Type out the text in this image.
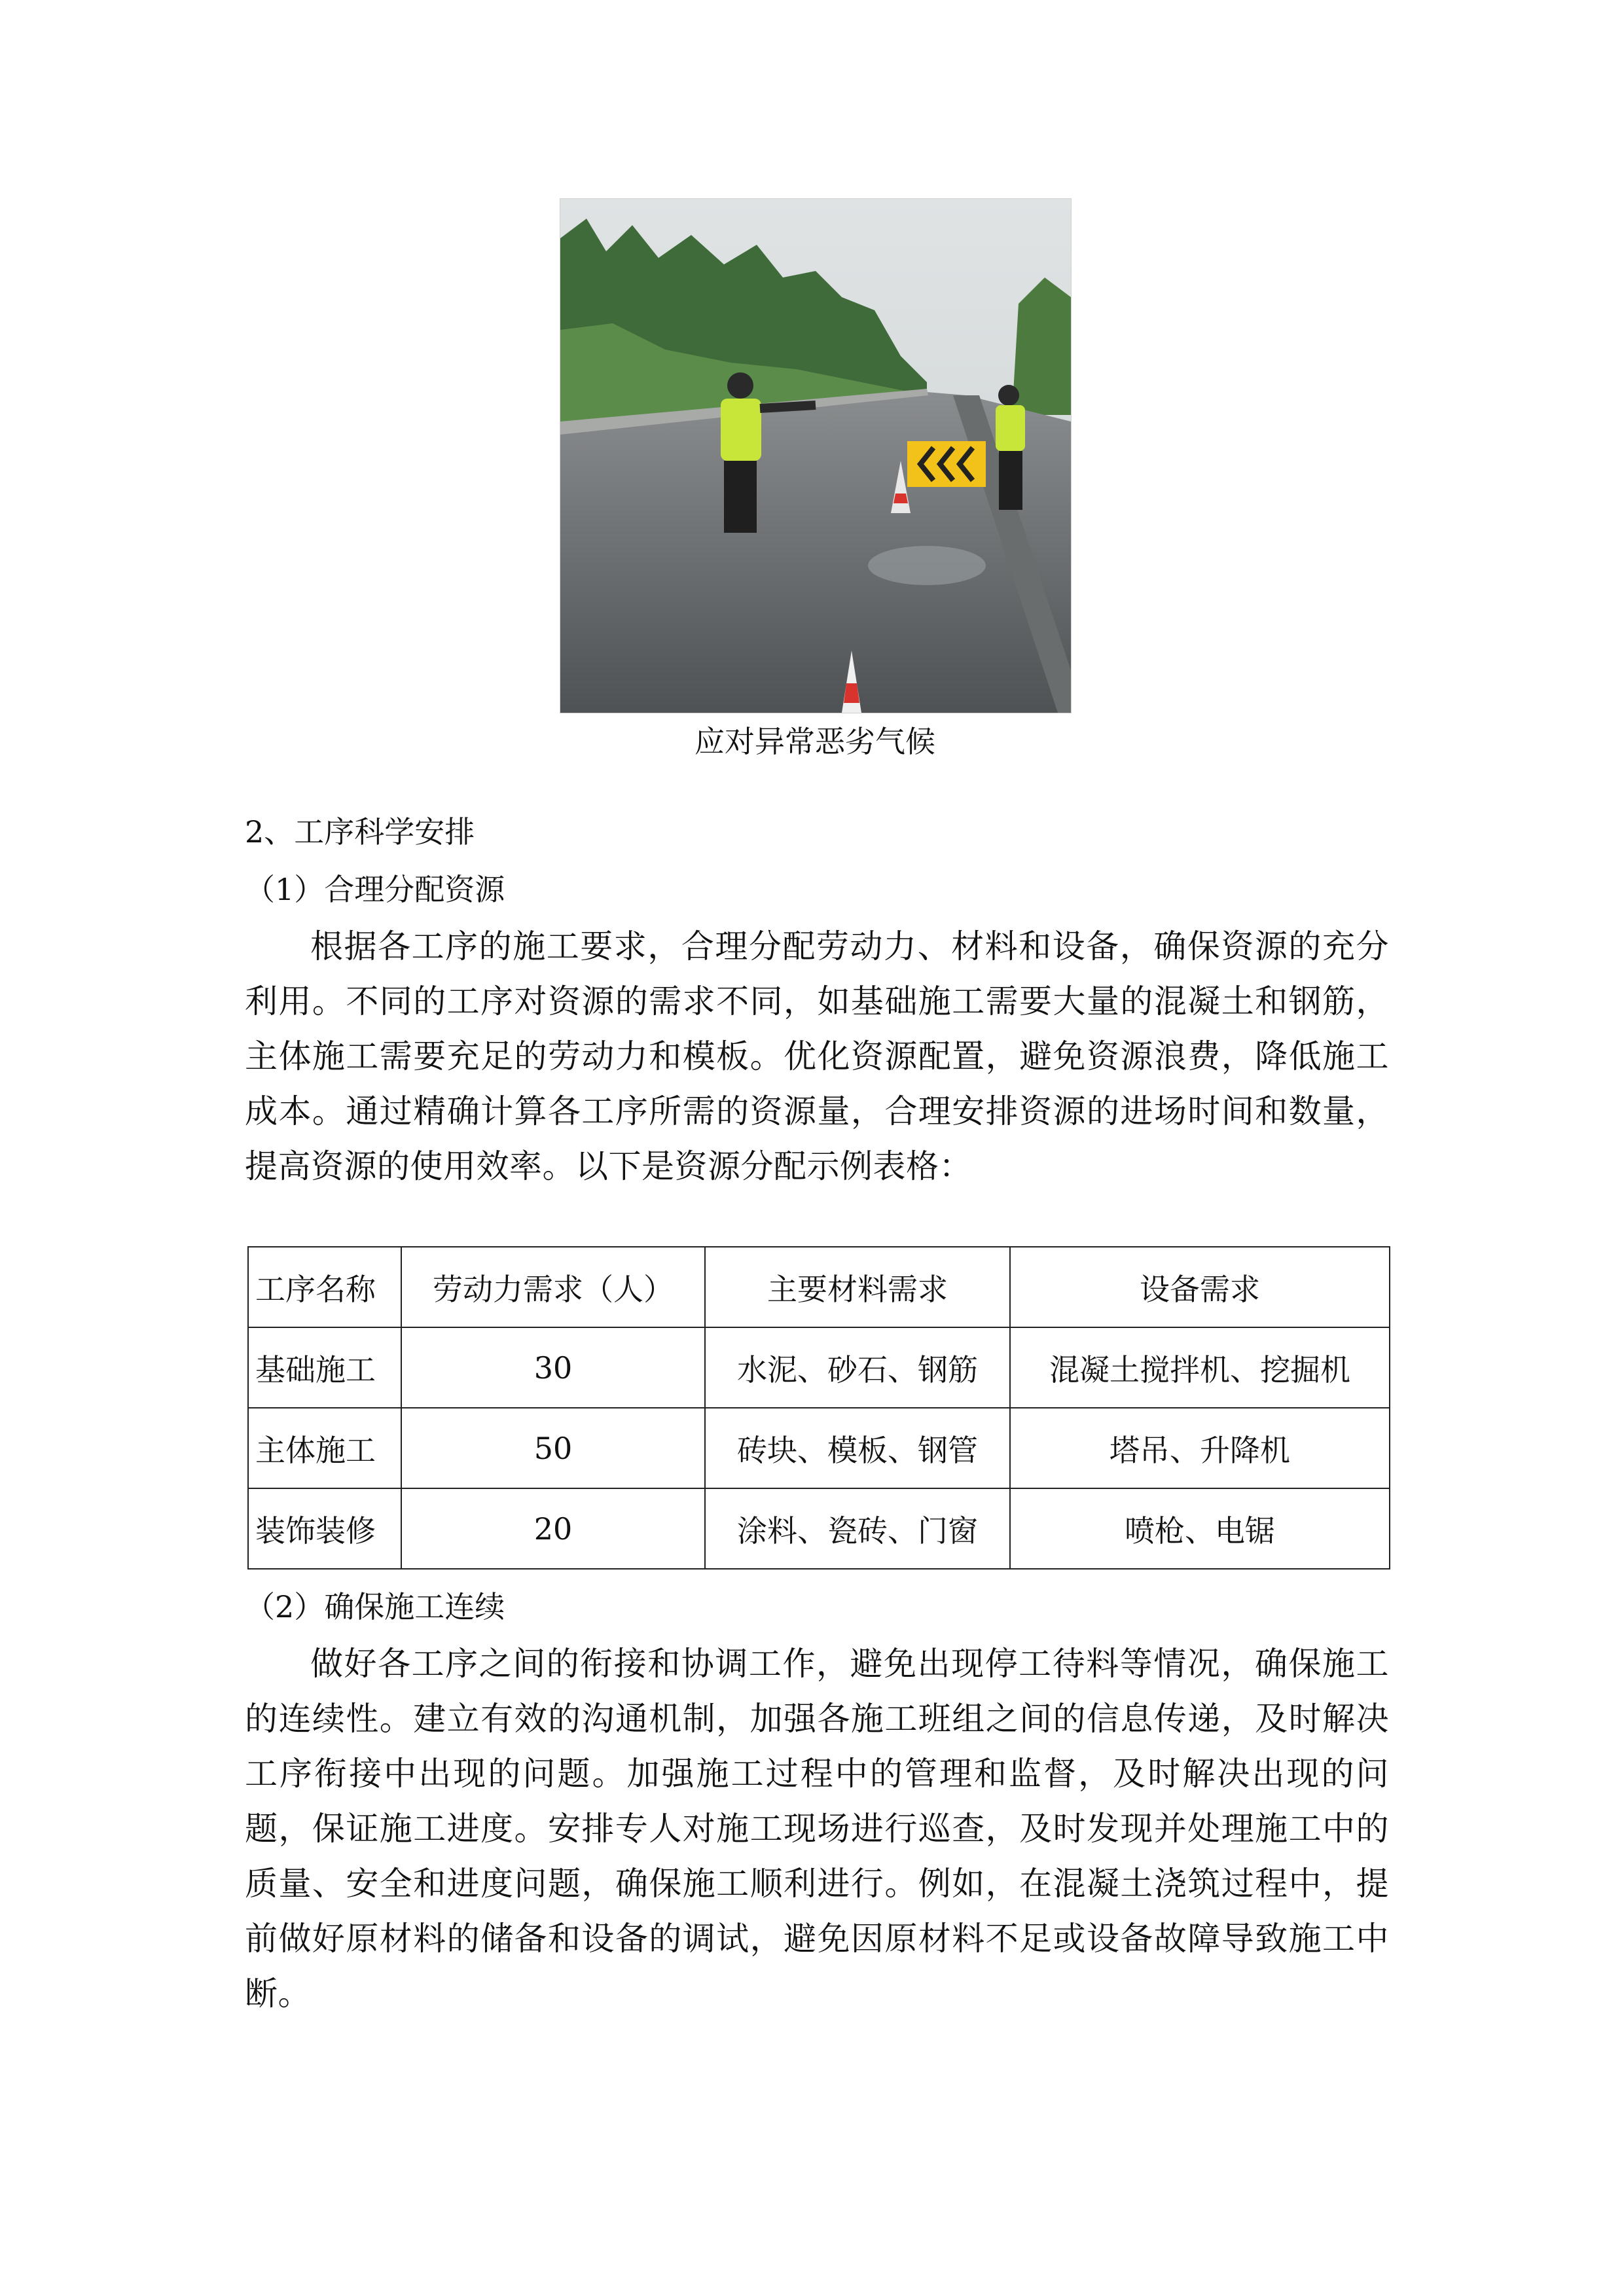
应对异常恶劣气候
2、工序科学安排
（1）合理分配资源

根据各工序的施工要求，合理分配劳动力、材料和设备，确保资源的充分利用。不同的工序对资源的需求不同，如基础施工需要大量的混凝土和钢筋，主体施工需要充足的劳动力和模板。优化资源配置，避免资源浪费，降低施工成本。通过精确计算各工序所需的资源量，合理安排资源的进场时间和数量，提高资源的使用效率。以下是资源分配示例表格：

工序名称	劳动力需求（人）	主要材料需求	设备需求
基础施工	30	水泥、砂石、钢筋	混凝土搅拌机、挖掘机
主体施工	50	砖块、模板、钢管	塔吊、升降机
装饰装修	20	涂料、瓷砖、门窗	喷枪、电锯
（2）确保施工连续

做好各工序之间的衔接和协调工作，避免出现停工待料等情况，确保施工的连续性。建立有效的沟通机制，加强各施工班组之间的信息传递，及时解决工序衔接中出现的问题。加强施工过程中的管理和监督，及时解决出现的问题，保证施工进度。安排专人对施工现场进行巡查，及时发现并处理施工中的质量、安全和进度问题，确保施工顺利进行。例如，在混凝土浇筑过程中，提前做好原材料的储备和设备的调试，避免因原材料不足或设备故障导致施工中断。
